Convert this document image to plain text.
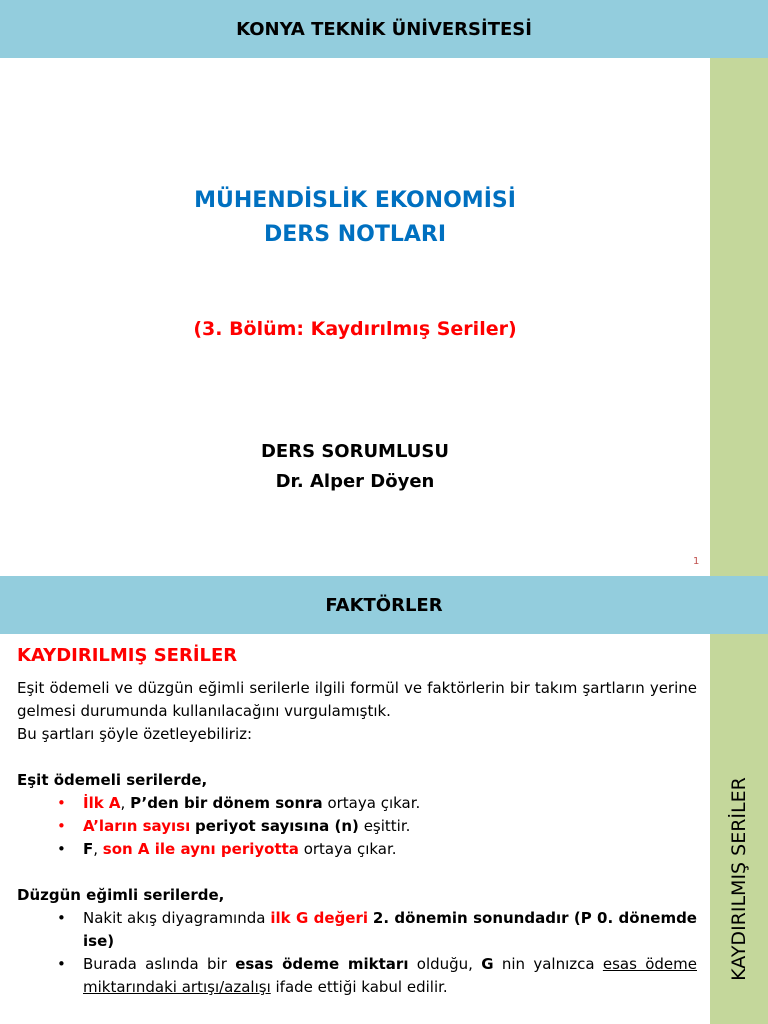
KONYA TEKNİK ÜNİVERSİTESİ
MÜHENDİSLİK EKONOMİSİ
DERS NOTLARI
(3. Bölüm: Kaydırılmış Seriler)
DERS SORUMLUSU
Dr. Alper Döyen
1
FAKTÖRLER
KAYDIRILMIŞ SERİLER
KAYDIRILMIŞ SERİLER
Eşit ödemeli ve düzgün eğimli serilerle ilgili formül ve faktörlerin bir takım şartların yerine gelmesi durumunda kullanılacağını vurgulamıştık.
Bu şartları şöyle özetleyebiliriz:
Eşit ödemeli serilerde,
• İlk A, P’den bir dönem sonra ortaya çıkar.
• A’ların sayısı periyot sayısına (n) eşittir.
• F, son A ile aynı periyotta ortaya çıkar.
Düzgün eğimli serilerde,
• Nakit akış diyagramında ilk G değeri 2. dönemin sonundadır (P 0. dönemde ise)
• Burada aslında bir esas ödeme miktarı olduğu, G nin yalnızca esas ödeme miktarındaki artışı/azalışı ifade ettiği kabul edilir.
